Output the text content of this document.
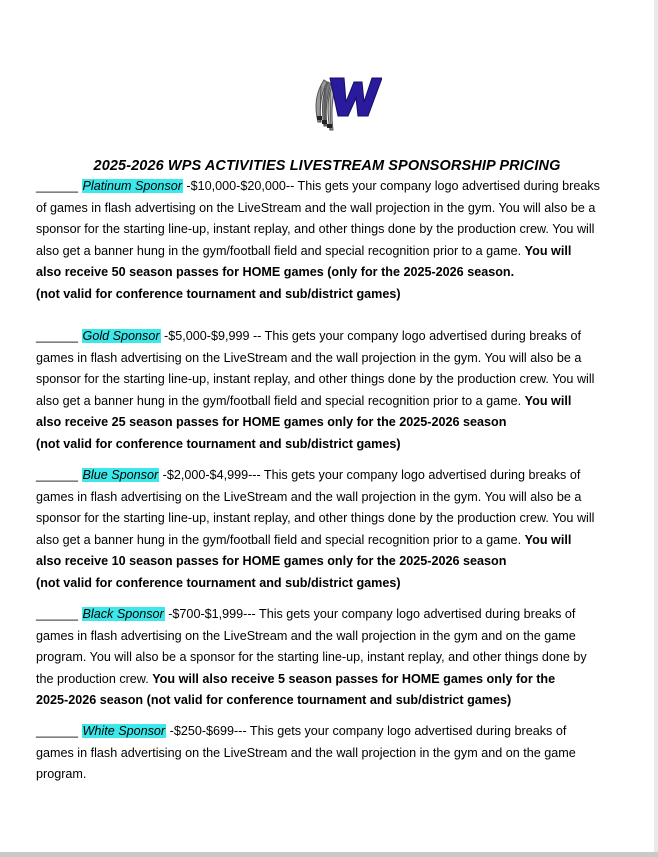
2025-2026 WPS ACTIVITIES LIVESTREAM SPONSORSHIP PRICING
______ Platinum Sponsor -$10,000-$20,000-- This gets your company logo advertised during breaks
of games in flash advertising on the LiveStream and the wall projection in the gym. You will also be a
sponsor for the starting line-up, instant replay, and other things done by the production crew. You will
also get a banner hung in the gym/football field and special recognition prior to a game. You will
also receive 50 season passes for HOME games (only for the 2025-2026 season.
(not valid for conference tournament and sub/district games)
______ Gold Sponsor -$5,000-$9,999 -- This gets your company logo advertised during breaks of
games in flash advertising on the LiveStream and the wall projection in the gym. You will also be a
sponsor for the starting line-up, instant replay, and other things done by the production crew. You will
also get a banner hung in the gym/football field and special recognition prior to a game. You will
also receive 25 season passes for HOME games only for the 2025-2026 season
(not valid for conference tournament and sub/district games)
______ Blue Sponsor -$2,000-$4,999--- This gets your company logo advertised during breaks of
games in flash advertising on the LiveStream and the wall projection in the gym. You will also be a
sponsor for the starting line-up, instant replay, and other things done by the production crew. You will
also get a banner hung in the gym/football field and special recognition prior to a game. You will
also receive 10 season passes for HOME games only for the 2025-2026 season
(not valid for conference tournament and sub/district games)
______ Black Sponsor -$700-$1,999--- This gets your company logo advertised during breaks of
games in flash advertising on the LiveStream and the wall projection in the gym and on the game
program. You will also be a sponsor for the starting line-up, instant replay, and other things done by
the production crew. You will also receive 5 season passes for HOME games only for the
2025-2026 season (not valid for conference tournament and sub/district games)
______ White Sponsor -$250-$699--- This gets your company logo advertised during breaks of
games in flash advertising on the LiveStream and the wall projection in the gym and on the game
program.
